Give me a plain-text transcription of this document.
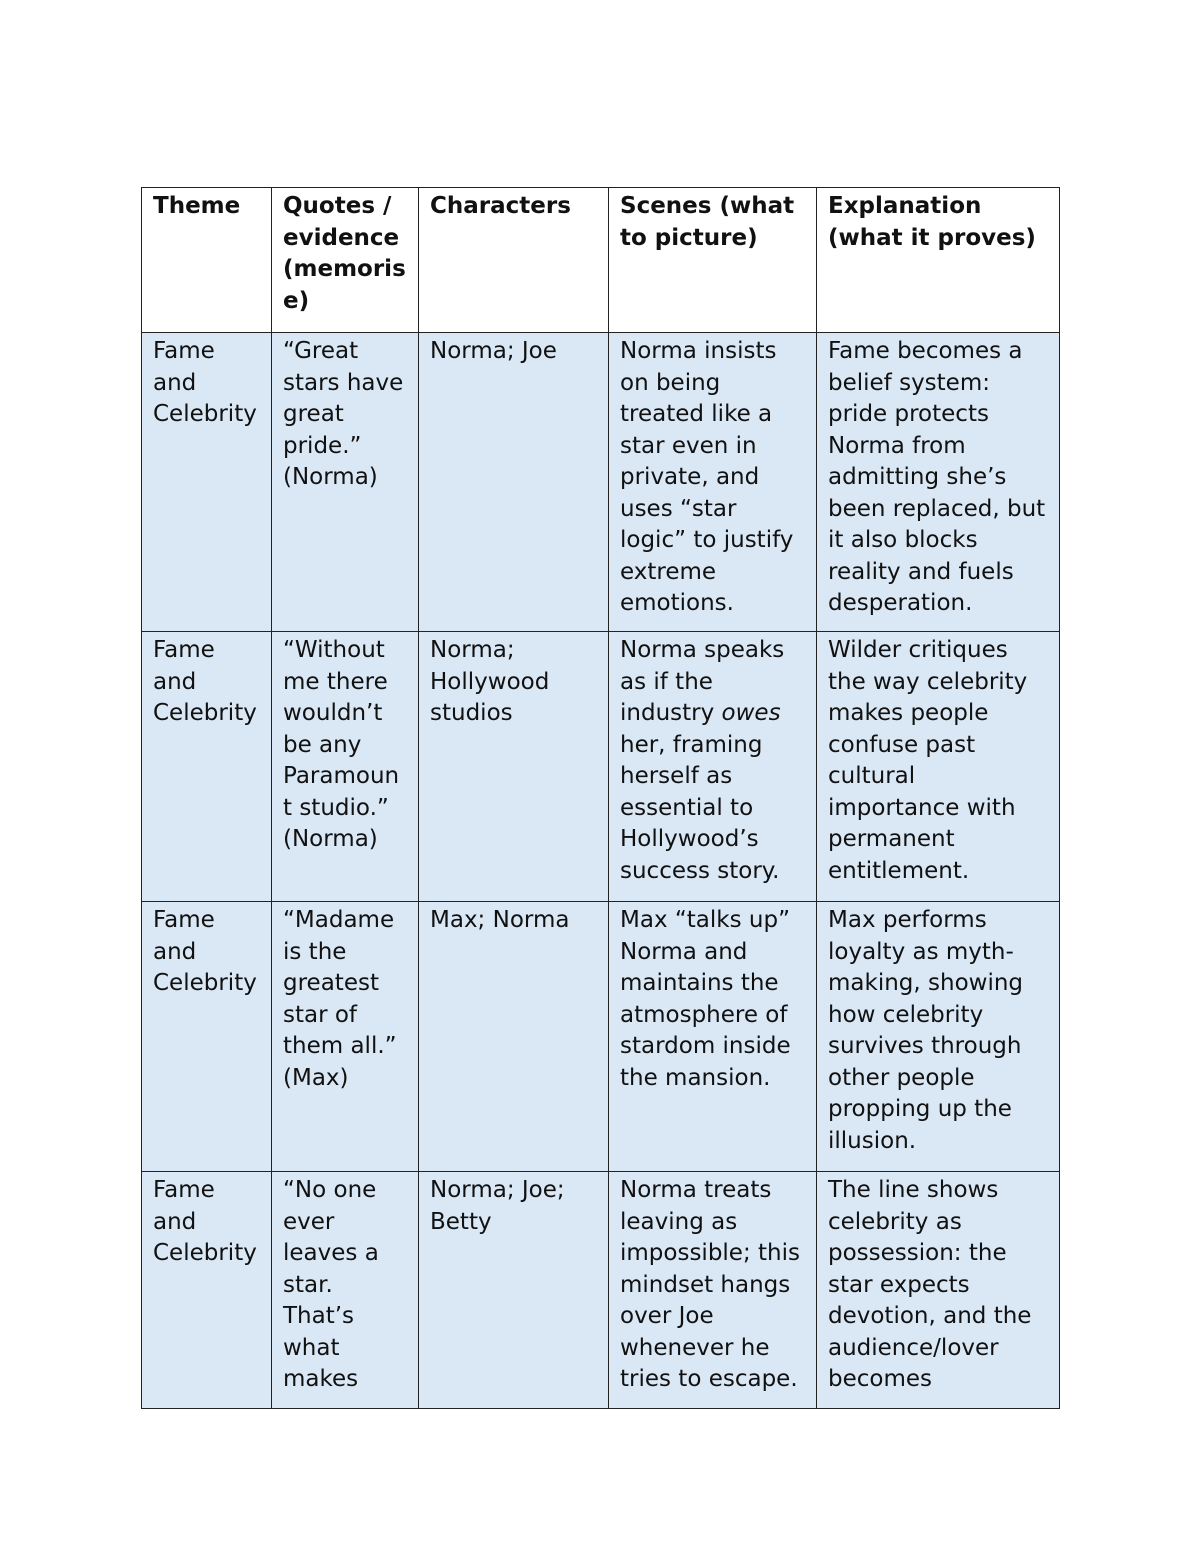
Theme	Quotes / evidence (memorise)	Characters	Scenes (what to picture)	Explanation (what it proves)
Fame and Celebrity	“Great stars have great pride.” (Norma)	Norma; Joe	Norma insists on being treated like a star even in private, and uses “star logic” to justify extreme emotions.	Fame becomes a belief system: pride protects Norma from admitting she’s been replaced, but it also blocks reality and fuels desperation.
Fame and Celebrity	“Without me there wouldn’t be any Paramount studio.” (Norma)	Norma; Hollywood studios	Norma speaks as if the industry owes her, framing herself as essential to Hollywood’s success story.	Wilder critiques the way celebrity makes people confuse past cultural importance with permanent entitlement.
Fame and Celebrity	“Madame is the greatest star of them all.” (Max)	Max; Norma	Max “talks up” Norma and maintains the atmosphere of stardom inside the mansion.	Max performs loyalty as myth-making, showing how celebrity survives through other people propping up the illusion.
Fame and Celebrity	“No one ever leaves a star. That’s what makes	Norma; Joe; Betty	Norma treats leaving as impossible; this mindset hangs over Joe whenever he tries to escape.	The line shows celebrity as possession: the star expects devotion, and the audience/lover becomes
